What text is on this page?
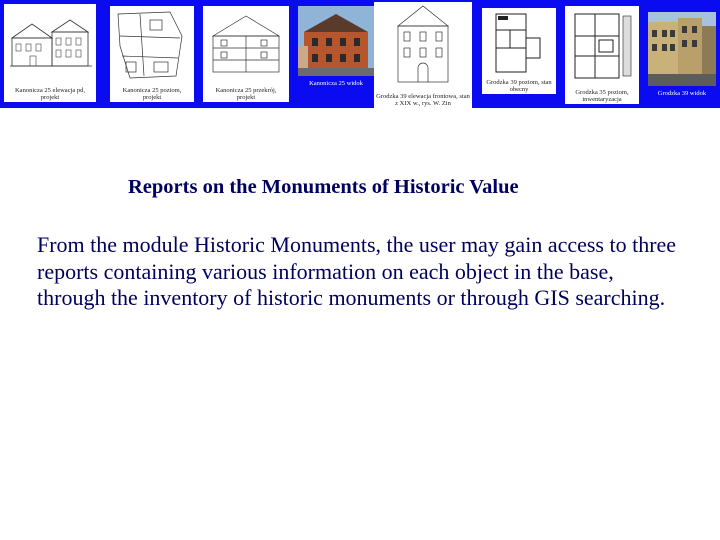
Kanonicza 25 elewacja pd,
projekt
Kanonicza 25 poziom,
projekt
Kanonicza 25 przekrój,
projekt
Kanonicza 25 widok
Grodzka 39 elewacja frontowa, stan
z XIX w., rys. W. Zin
Grodzka 39 poziom, stan
obecny	Grodzka 35 poziom,
inwentaryzacja
Grodzka 39 widok
Reports on the Monuments of Historic Value
From the module Historic Monuments, the user may gain access to three reports containing various information on each object in the base, through the inventory of historic monuments or through GIS searching.
